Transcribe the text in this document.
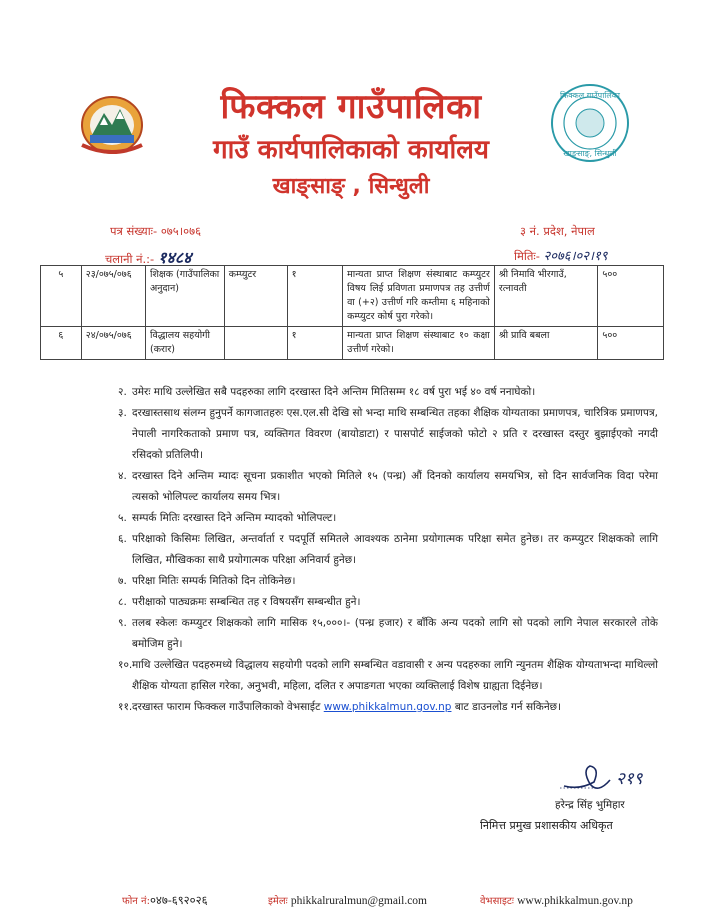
फिक्कल गाउँपालिका
खाङ्साङ्, सिन्धुली
फिक्कल गाउँपालिका
गाउँ कार्यपालिकाको कार्यालय
खाङ्साङ् , सिन्धुली
पत्र संख्याः- ०७५।०७६
चलानी नं.:- १४८४
३ नं. प्रदेश, नेपाल
मितिः- २०७६।०२।१९
५	२३/०७५/०७६	शिक्षक (गाउँपालिका अनुदान)	कम्प्युटर	१	मान्यता प्राप्त शिक्षण संस्थाबाट कम्प्युटर विषय लिई प्रविणता प्रमाणपत्र तह उत्तीर्ण वा (+२) उत्तीर्ण गरि कम्तीमा ६ महिनाको कम्प्युटर कोर्ष पुरा गरेको।	श्री निमावि भीरगाउँ, रत्नावती	५००
६	२४/०७५/०७६	विद्धालय सहयोगी (करार)		१	मान्यता प्राप्त शिक्षण संस्थाबाट १० कक्षा उत्तीर्ण गरेको।	श्री प्रावि बबला	५००

२. उमेरः माथि उल्लेखित सबै पदहरुका लागि दरखास्त दिने अन्तिम मितिसम्म १८ वर्ष पुरा भई ४० वर्ष ननाघेको।

३. दरखास्तसाथ संलग्न हुनुपर्ने कागजातहरुः एस.एल.सी देखि सो भन्दा माथि सम्बन्धित तहका शैक्षिक योग्यताका प्रमाणपत्र, चारित्रिक प्रमाणपत्र, नेपाली नागरिकताको प्रमाण पत्र, व्यक्तिगत विवरण (बायोडाटा) र पासपोर्ट साईजको फोटो २ प्रति र दरखास्त दस्तुर बुझाईएको नगदी रसिदको प्रतिलिपी।

४. दरखास्त दिने अन्तिम म्यादः सूचना प्रकाशीत भएको मितिले १५ (पन्ध्र) औं दिनको कार्यालय समयभित्र, सो दिन सार्वजनिक विदा परेमा त्यसको भोलिपल्ट कार्यालय समय भित्र।

५. सम्पर्क मितिः दरखास्त दिने अन्तिम म्यादको भोलिपल्ट।

६. परिक्षाको किसिमः लिखित, अन्तर्वार्ता र पदपूर्ति समितले आवश्यक ठानेमा प्रयोगात्मक परिक्षा समेत हुनेछ। तर कम्प्युटर शिक्षकको लागि लिखित, मौखिकका साथै प्रयोगात्मक परिक्षा अनिवार्य हुनेछ।

७. परिक्षा मितिः सम्पर्क मितिको दिन तोकिनेछ।

८. परीक्षाको पाठ्यक्रमः सम्बन्धित तह र विषयसँग सम्बन्धीत हुने।

९. तलब स्केलः कम्प्युटर शिक्षकको लागि मासिक १५,०००।- (पन्ध्र हजार) र बाँकि अन्य पदको लागि सो पदको लागि नेपाल सरकारले तोके बमोजिम हुने।

१०. माथि उल्लेखित पदहरुमध्ये विद्धालय सहयोगी पदको लागि सम्बन्धित वडावासी र अन्य पदहरुका लागि न्युनतम शैक्षिक योग्यताभन्दा माथिल्लो शैक्षिक योग्यता हासिल गरेका, अनुभवी, महिला, दलित र अपाङगता भएका व्यक्तिलाई विशेष ग्राह्यता दिईनेछ।

११. दरखास्त फाराम फिक्कल गाउँपालिकाको वेभसाईट www.phikkalmun.gov.np बाट डाउनलोड गर्न सकिनेछ।

२१९
हरेन्द्र सिंह भुमिहार
निमित्त प्रमुख प्रशासकीय अधिकृत
फोन नं:०४७-६९२०२६	इमेलः phikkalruralmun@gmail.com	वेभसाइटः www.phikkalmun.gov.np
